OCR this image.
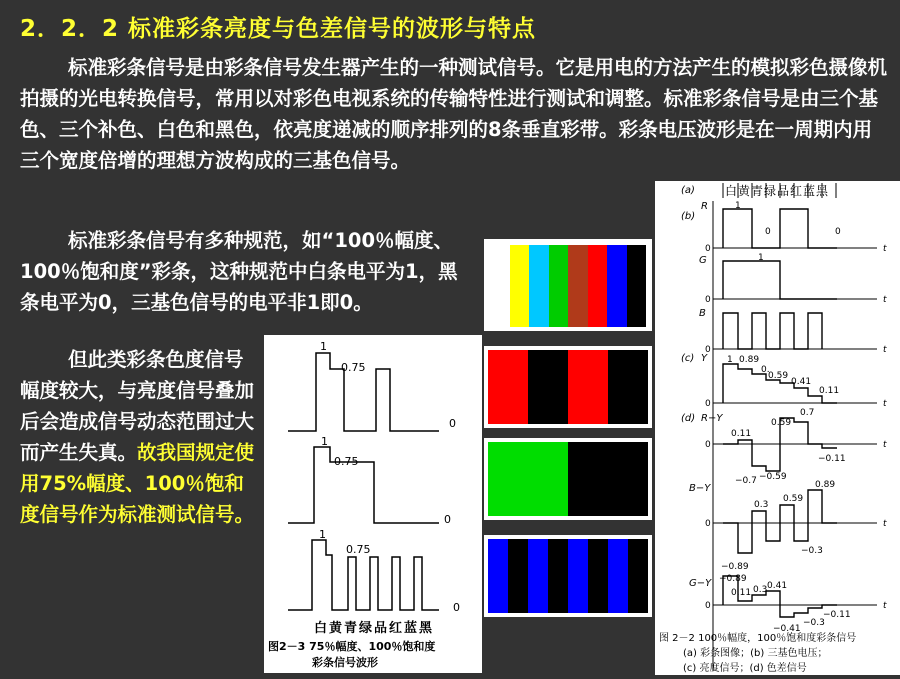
2．2．2 标准彩条亮度与色差信号的波形与特点
标准彩条信号是由彩条信号发生器产生的一种测试信号。它是用电的方法产生的模拟彩色摄像机拍摄的光电转换信号，常用以对彩色电视系统的传输特性进行测试和调整。标准彩条信号是由三个基色、三个补色、白色和黑色，依亮度递减的顺序排列的8条垂直彩带。彩条电压波形是在一周期内用三个宽度倍增的理想方波构成的三基色信号。
标准彩条信号有多种规范，如“100％幅度、100％饱和度”彩条，这种规范中白条电平为1，黑条电平为0，三基色信号的电平非1即0。
但此类彩条色度信号幅度较大，与亮度信号叠加后会造成信号动态范围过大而产生失真。故我国规定使用75%幅度、100％饱和度信号作为标准测试信号。
1
0.75
0
1
0.75
0
1
0.75
0
白黄青绿品红蓝黑
图2－3 75％幅度、100％饱和度
彩条信号波形
(a)	白黄青绿品红蓝黑
(b)
R
G
B
(c) Y
(d) R−Y
B−Y
G−Y
t
t
t
t
t
t
t
0
0
0
0
0
0
0
1
0	0
1
1 0.89
0.
0.59
0.41
0.11
0.11
0.59
0.7
−0.7 −0.59
−0.11
0.3
0.59
0.89
−0.89
−0.3
−0.89
0.11 0.3 0.41
−0.41
−0.3
−0.11
图 2－2 100％幅度，100％饱和度彩条信号
(a) 彩条图像；(b) 三基色电压；
(c) 亮度信号；(d) 色差信号
